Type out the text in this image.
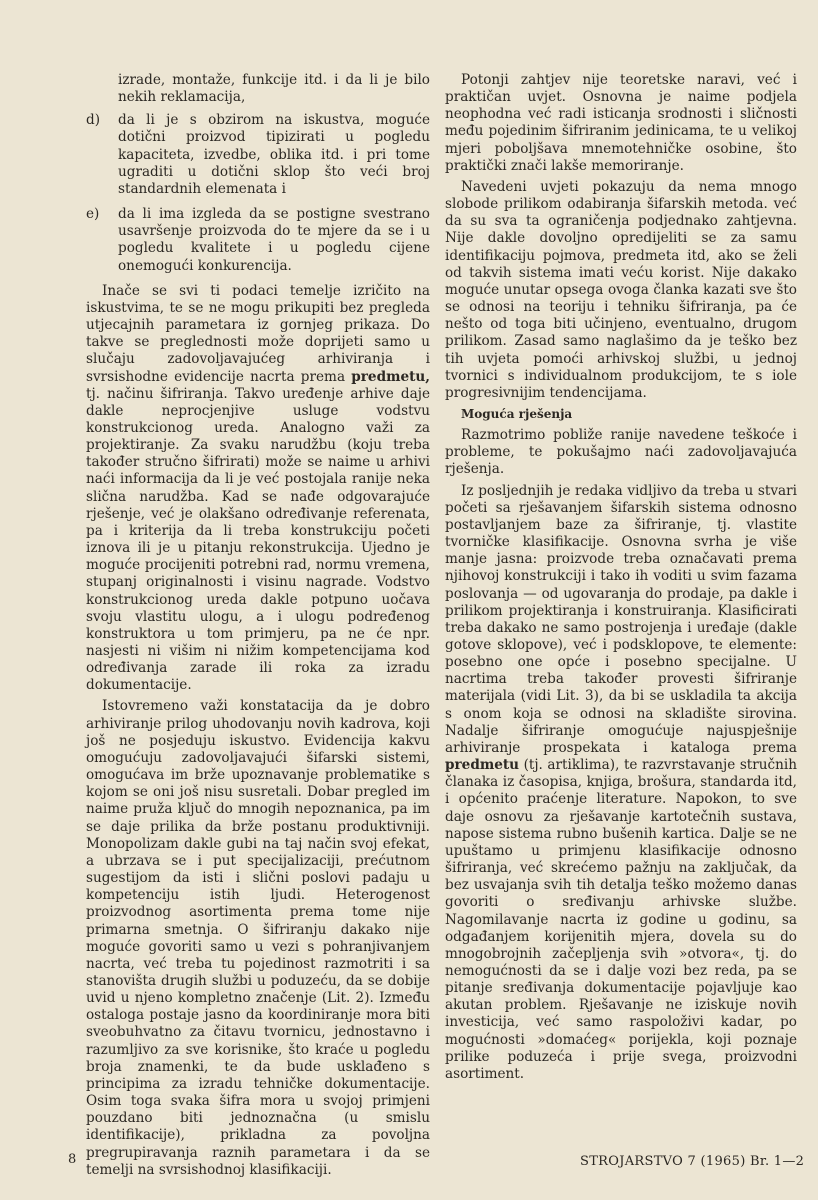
izrade, montaže, funkcije itd. i da li je bilo nekih reklamacija,
d)	da li je s obzirom na iskustva, moguće dotični proizvod tipizirati u pogledu kapaciteta, izvedbe, oblika itd. i pri tome ugraditi u dotični sklop što veći broj standardnih elemenata i
e)	da li ima izgleda da se postigne svestrano usavršenje proizvoda do te mjere da se i u pogledu kvalitete i u pogledu cijene onemogući konkurencija.

Inače se svi ti podaci temelje izričito na iskustvima, te se ne mogu prikupiti bez pregleda utjecajnih parametara iz gornjeg prikaza. Do takve se preglednosti može doprijeti samo u slučaju zadovoljavajućeg arhiviranja i svrsishodne evidencije nacrta prema predmetu, tj. načinu šifriranja. Takvo uređenje arhive daje dakle neprocjenjive usluge vodstvu konstrukcionog ureda. Analogno važi za projektiranje. Za svaku narudžbu (koju treba također stručno šifrirati) može se naime u arhivi naći informacija da li je već postojala ranije neka slična narudžba. Kad se nađe odgovarajuće rješenje, već je olakšano određivanje referenata, pa i kriterija da li treba konstrukciju početi iznova ili je u pitanju rekonstrukcija. Ujedno je moguće procijeniti potrebni rad, normu vremena, stupanj originalnosti i visinu nagrade. Vodstvo konstrukcionog ureda dakle potpuno uočava svoju vlastitu ulogu, a i ulogu podređenog konstruktora u tom primjeru, pa ne će npr. nasjesti ni višim ni nižim kompetencijama kod određivanja zarade ili roka za izradu dokumentacije.

Istovremeno važi konstatacija da je dobro arhiviranje prilog uhodovanju novih kadrova, koji još ne posjeduju iskustvo. Evidencija kakvu omogućuju zadovoljavajući šifarski sistemi, omogućava im brže upoznavanje problematike s kojom se oni još nisu susretali. Dobar pregled im naime pruža ključ do mnogih nepoznanica, pa im se daje prilika da brže postanu produktivniji. Monopolizam dakle gubi na taj način svoj efekat, a ubrzava se i put specijalizaciji, prećutnom sugestijom da isti i slični poslovi padaju u kompetenciju istih ljudi. Heterogenost proizvodnog asortimenta prema tome nije primarna smetnja. O šifriranju dakako nije moguće govoriti samo u vezi s pohranjivanjem nacrta, već treba tu pojedinost razmotriti i sa stanovišta drugih službi u poduzeću, da se dobije uvid u njeno kompletno značenje (Lit. 2). Između ostaloga postaje jasno da koordiniranje mora biti sveobuhvatno za čitavu tvornicu, jednostavno i razumljivo za sve korisnike, što kraće u pogledu broja znamenki, te da bude usklađeno s principima za izradu tehničke dokumentacije. Osim toga svaka šifra mora u svojoj primjeni pouzdano biti jednoznačna (u smislu identifikacije), prikladna za povoljna pregrupiravanja raznih parametara i da se temelji na svrsishodnoj klasifikaciji.

Potonji zahtjev nije teoretske naravi, već i praktičan uvjet. Osnovna je naime podjela neophodna već radi isticanja srodnosti i sličnosti među pojedinim šifriranim jedinicama, te u velikoj mjeri poboljšava mnemotehničke osobine, što praktički znači lakše memoriranje.

Navedeni uvjeti pokazuju da nema mnogo slobode prilikom odabiranja šifarskih metoda. već da su sva ta ograničenja podjednako zahtjevna. Nije dakle dovoljno opredijeliti se za samu identifikaciju pojmova, predmeta itd, ako se želi od takvih sistema imati veću korist. Nije dakako moguće unutar opsega ovoga članka kazati sve što se odnosi na teoriju i tehniku šifriranja, pa će nešto od toga biti učinjeno, eventualno, drugom prilikom. Zasad samo naglašimo da je teško bez tih uvjeta pomoći arhivskoj službi, u jednoj tvornici s individualnom produkcijom, te s iole progresivnijim tendencijama.

Moguća rješenja

Razmotrimo pobliže ranije navedene teškoće i probleme, te pokušajmo naći zadovoljavajuća rješenja.

Iz posljednjih je redaka vidljivo da treba u stvari početi sa rješavanjem šifarskih sistema odnosno postavljanjem baze za šifriranje, tj. vlastite tvorničke klasifikacije. Osnovna svrha je više manje jasna: proizvode treba označavati prema njihovoj konstrukciji i tako ih voditi u svim fazama poslovanja — od ugovaranja do prodaje, pa dakle i prilikom projektiranja i konstruiranja. Klasificirati treba dakako ne samo postrojenja i uređaje (dakle gotove sklopove), već i podsklopove, te elemente: posebno one opće i posebno specijalne. U nacrtima treba također provesti šifriranje materijala (vidi Lit. 3), da bi se uskladila ta akcija s onom koja se odnosi na skladište sirovina. Nadalje šifriranje omogućuje najuspješnije arhiviranje prospekata i kataloga prema predmetu (tj. artiklima), te razvrstavanje stručnih članaka iz časopisa, knjiga, brošura, standarda itd, i općenito praćenje literature. Napokon, to sve daje osnovu za rješavanje kartotečnih sustava, napose sistema rubno bušenih kartica. Dalje se ne upuštamo u primjenu klasifikacije odnosno šifriranja, već skrećemo pažnju na zaključak, da bez usvajanja svih tih detalja teško možemo danas govoriti o sređivanju arhivske službe. Nagomilavanje nacrta iz godine u godinu, sa odgađanjem korijenitih mjera, dovela su do mnogobrojnih začepljenja svih »otvora«, tj. do nemogućnosti da se i dalje vozi bez reda, pa se pitanje sređivanja dokumentacije pojavljuje kao akutan problem. Rješavanje ne iziskuje novih investicija, već samo raspoloživi kadar, po mogućnosti »domaćeg« porijekla, koji poznaje prilike poduzeća i prije svega, proizvodni asortiment.

8	STROJARSTVO 7 (1965) Br. 1—2
